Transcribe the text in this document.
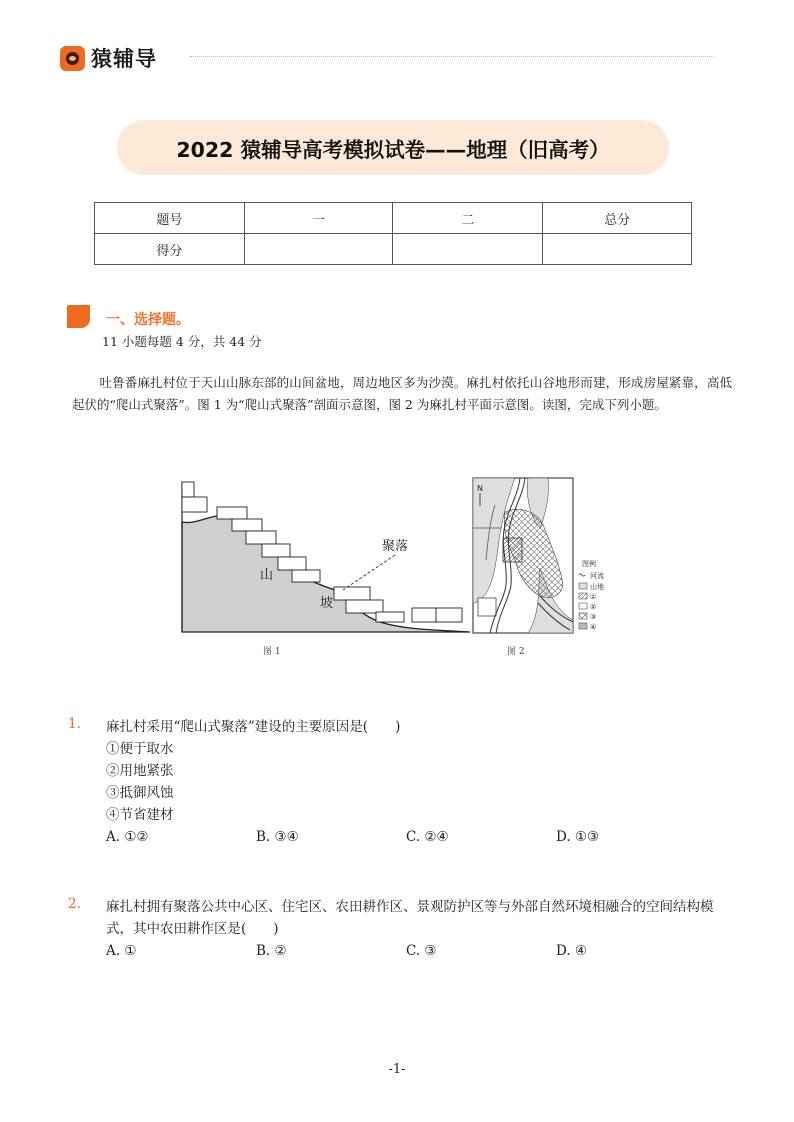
猿辅导
2022 猿辅导高考模拟试卷——地理（旧高考）
题号	一	二	总分
得分			
一、选择题。
11 小题每题 4 分，共 44 分

吐鲁番麻扎村位于天山山脉东部的山间盆地，周边地区多为沙漠。麻扎村依托山谷地形而建，形成房屋紧靠，高低起伏的“爬山式聚落”。图 1 为“爬山式聚落”剖面示意图，图 2 为麻扎村平面示意图。读图，完成下列小题。

聚落
山
坡
图 1
N
图例
河流
山地
①
②
③
④
图 2
1. 麻扎村采用“爬山式聚落”建设的主要原因是(　　)
①便于取水
②用地紧张
③抵御风蚀
④节省建材
A. ①②	B. ③④	C. ②④	D. ①③
2. 麻扎村拥有聚落公共中心区、住宅区、农田耕作区、景观防护区等与外部自然环境相融合的空间结构模式，其中农田耕作区是(　　)
A. ①	B. ②	C. ③	D. ④
-1-
